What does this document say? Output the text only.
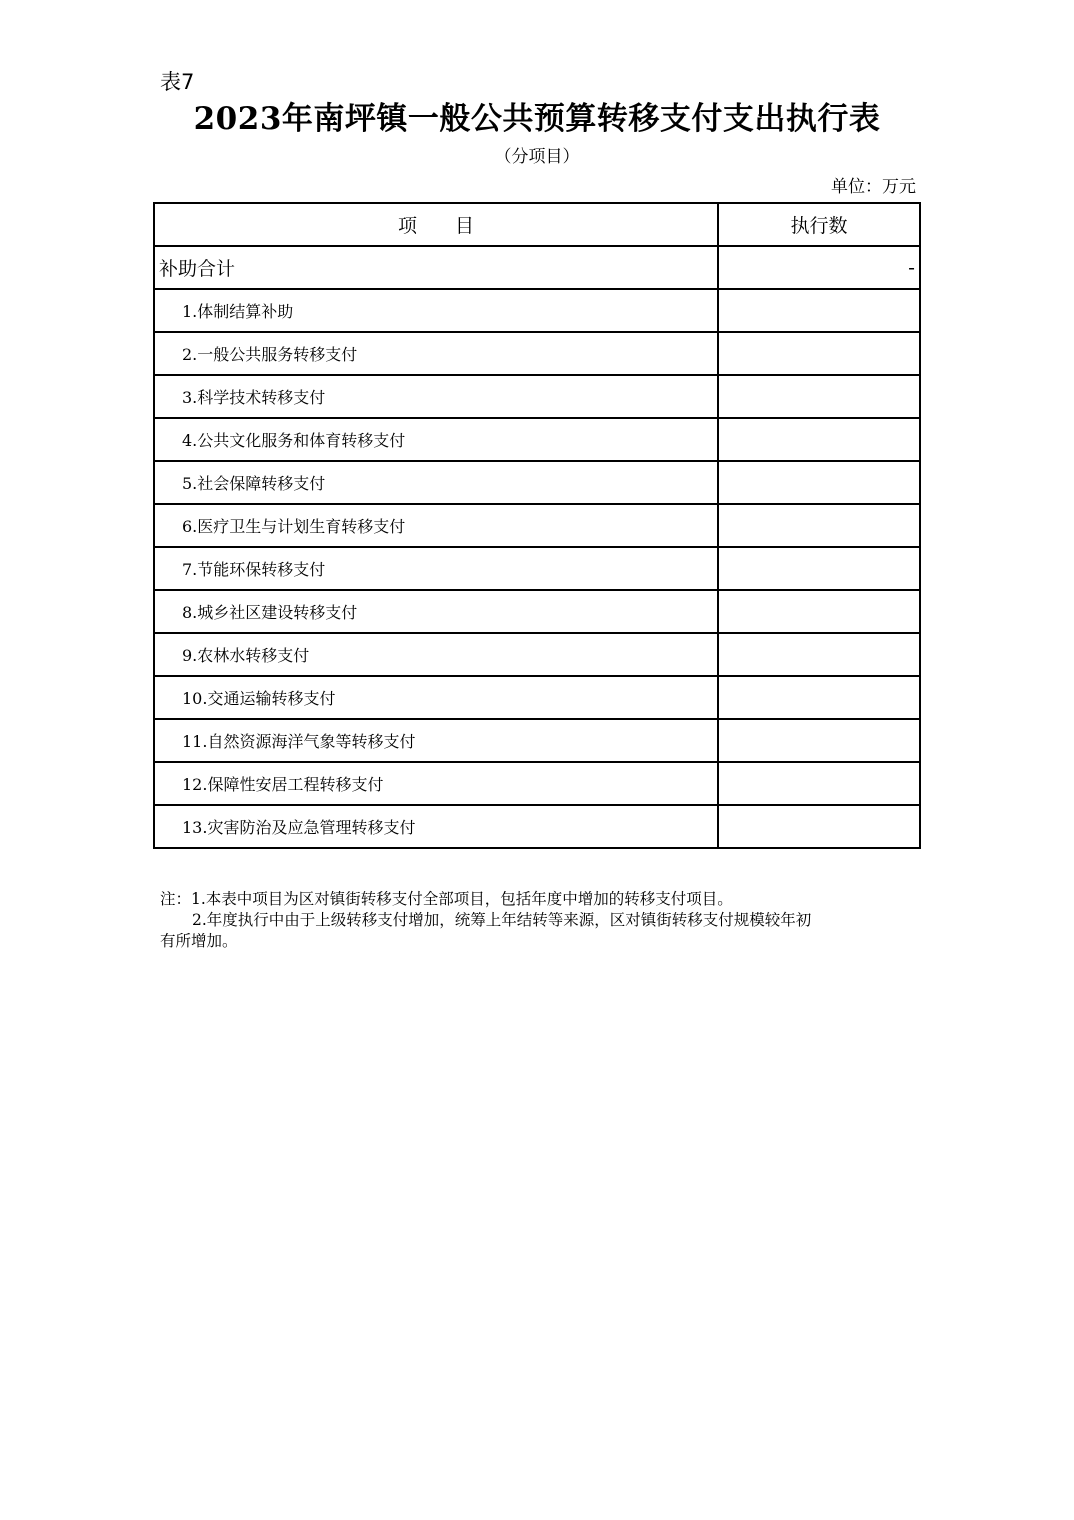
表7
2023年南坪镇一般公共预算转移支付支出执行表
（分项目）
单位：万元
项目	执行数
补助合计	-
1.体制结算补助	
2.一般公共服务转移支付	
3.科学技术转移支付	
4.公共文化服务和体育转移支付	
5.社会保障转移支付	
6.医疗卫生与计划生育转移支付	
7.节能环保转移支付	
8.城乡社区建设转移支付	
9.农林水转移支付	
10.交通运输转移支付	
11.自然资源海洋气象等转移支付	
12.保障性安居工程转移支付	
13.灾害防治及应急管理转移支付	
注：1.本表中项目为区对镇街转移支付全部项目，包括年度中增加的转移支付项目。
2.年度执行中由于上级转移支付增加，统筹上年结转等来源，区对镇街转移支付规模较年初
有所增加。
